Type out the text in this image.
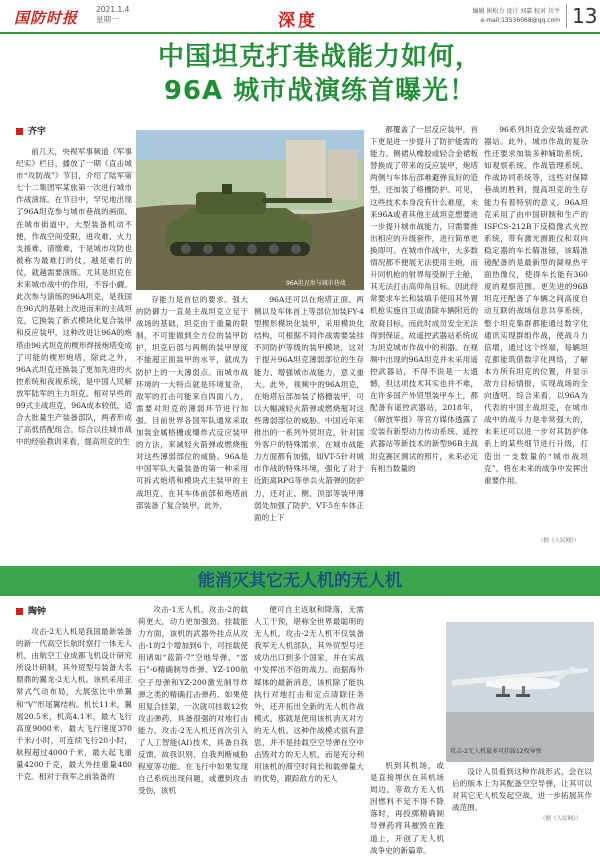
国防时报 2021.1.4
星期一	深度	编辑 崔松力 设计 刘嘉 校对 川平
e-mail:13536068@qq.com 13
中国坦克打巷战能力如何，
96A 城市战演练首曝光！
齐宇

前几天，央视军事频道《军事纪实》栏目，播放了一期《直击城市“攻防战”》节目，介绍了陆军第七十二集团军某旅第一次进行城市作战演练。在节目中，罕见地出现了96A坦克参与城市巷战的画面。在城市街道中，大型装备机动不便，作战空间受限，进攻难、火力支援难、清缴难，于是城市攻防也被称为最难打的仗，越是难打的仗，就越需要演练。尤其是坦克在未来城市战中的作用，不容小觑。此次参与演练的96A坦克，是我国在96式的基础上改进而来的主战坦克，它换装了新式模块化复合装甲和反应装甲，这种改进让96A的炮塔由96式坦克的楔形焊接炮塔变成了可能的楔形炮塔，除此之外，96A式坦克还换装了更加先进的火控系统和夜视系统，是中国人民解放军陆军的主力坦克。相对早些的99式主战坦克，96A成本较低，适合大批量生产装备部队，两者形成了高低搭配组合。综合以往城市战中的经验教训来看，提高坦克的生

96A坦克参与城市巷战

存能力是首位的要求。强大的防御力一直是主战坦克立足于战场的基础，坦克由于重量的限制，不可能做到全方位的装甲防护，坦克后部与两侧的装甲厚度不能超正面装甲的水平，就成为防护上的一大薄弱点。而城市战环境的一大特点就是环境复杂，敌军的打击可能来自四面八方，需要对坦克的薄弱环节进行加强。目前世界各国军队通常采取加装金属格栅或爆炸式反应装甲的方法，来减轻火箭弹或燃烧瓶对这些薄弱部位的威胁。96A是中国军队大量装备的第一种采用可拆式炮塔和模块式主装甲的主战坦克，在其车体前部和炮塔前部装备了复合装甲，此外，

96A还可以在炮塔正面、两侧以及车体首上等部位加装FY-4型楔形模块化装甲，采用模块化结构，可根据不同作战需要装挂不同防护等级的装甲模块，这对于提升96A坦克薄弱部位的生存能力、增强城市战能力，意义重大。此外，视频中的96A坦克，在炮塔后部加装了格栅装甲，可以大幅减轻火箭弹或燃烧瓶对这些薄弱部位的威胁。中国近年来推出的一系列外贸坦克，针对国外客户的特殊需求，在城市战能力方面都有加强，如VT-5针对城市作战的特殊环境，强化了对于近距离RPG等单兵火箭弹的防护力，还对正、侧、顶部等装甲薄弱处加强了防护。VT-5在车体正面的上下

都覆盖了一层反应装甲，首下更是进一步提升了防护能需的能力。侧裙从橡胶或轻合金裙板替换成了带来的反应装甲，炮塔两侧与车体后部难避弹良好的造型，还加装了格栅防护。可见，这些技术本身没有什么难度，未来96A或者其他主战坦克想要进一步提升城市战能力，只需要推出相应的升级套件，进行简单更换即可。在城市作战中，大多数情况都不便展无法使用主炮，而升同机枪的射界每受制于主舱，其无法打击高仰角目标。因此经常要求车长和装填手使用其外置机枪实施自卫或清除车辆附近的敌裔目标，而此时成员安全无法得到保证，故遥控武器站系统成为坦克城市作战中的利器。在视频中出现的96A坦克并未采用遥控武器站，不得不说是一大遗憾，但这项技术其实也并不难，在许多国产外贸型装甲车上，都配备有遥控武器站，2018年，《解放军报》等官方媒体透露了安装有新型动力传动系统、遥控武器站等新技术的新型96B主战坦克赛区测试的照片，未来必定有相当数量的

96系列坦克会安装遥控武器站。此外，城市作战的复杂性还要求加装多种辅助系统，如观察系统、作战管理系统、作战协同系统等，这些对保障巷战的胜利，提高坦克的生存能力有着特别的意义。96A坦克采用了由中国研制和生产的ISFCS-212B下反稳像式火控系统，带有激光测距仪和双向稳定器的车长瞄准镜，该瞄准镜配备的是最新型的凝视热平面热像仪，使得车长能有360度的观察范围。更先进的96B坦克还配备了车辆之间高度自动互联的战场信息共享系统，整个坦克集群都能通过数字化通讯实现群组作战，使战斗力倍增，通过这个终端，每辆坦克都能筑借数字化网络，了解本方所有坦克的位置，并显示敌方目标情报，实现战场的全向透明。综合来看，以96A为代表的中国主战坦克，在城市战中的战斗力是非常强大的，未来还可以进一步对其防护体系上的某些细节进行升级，打造出一支数量的“城市战坦克”，将在未来的战争中发挥出重要作用。

（据《人民网》）
能消灭其它无人机的无人机
陶钟

攻击-2无人机是我国最新装备的新一代高空长航时察打一体无人机，由航空工业成都飞机设计研究所设计研制，其外贸型号装备大名鼎鼎的翼龙-2无人机。该机采用正常式气动布局，大展弦比中单翼和“V”形尾翼结构。机长11米，翼展20.5米，机高4.1米，最大飞行高度9000米，最大飞行速度370千米/小时，可连续飞行20小时，航程超过4000千米，最大起飞重量4200千克，最大外挂重量480千克。相对于我军之前装备的

攻击-1无人机，攻击-2的载荷更大，动力更加强劲。挂载能力方面，该机的武器外挂点从攻击-1的2个增加到6个，可挂载使用诸如“蓝箭-7”空地导弹、“雷石”-6精确制导炸弹、YZ-100航空子母弹和YZ-200激光制导炸弹之类的精确打击弹药。如果使用复合挂架，一次就可挂载12枚攻击弹药，具备很强的对地打击能力。攻击-2无人机还首次引入了人工智能(AI)技术，具备自我反馈、故我识别、自我判断威胁程度等功能。在飞行中如果发现自己系统出现问题，或遭到攻击受伤，该机

便可自主返航和降落，无需人工干预，堪称全世界最聪明的无人机。攻击-2无人机不仅装备我军无人机部队，其外贸型号还成功出口到多个国家，并在实战中发挥出不俗的战力。而据海外媒体的最新消息，该机除了能执执行对地打击和定点清除任务外，还开拓出全新的无人机作战模式，那就是使用该机消灭对方的无人机。这种作战模式很有意思，并不是挂载空空导弹在空中击毁对方的无人机，而是充分利用该机的滞空时间长和载弹量大的优势，跟踪敌方的无人

机到其机场，或是直接埋伏在其机场周边，等敌方无人机因燃料不足不得不降落时，再投掷精确制导弹药将其摧毁在跑道上，开创了无人机战争史的新篇章。

攻击-2无人机最多可挂载12枚导弹

设计人员看到这种作战形式，会在以后的版本上为其配备空空导弹，让其可以对其它无人机发起空战，进一步拓展其作战范围。

（据《人民网》）
